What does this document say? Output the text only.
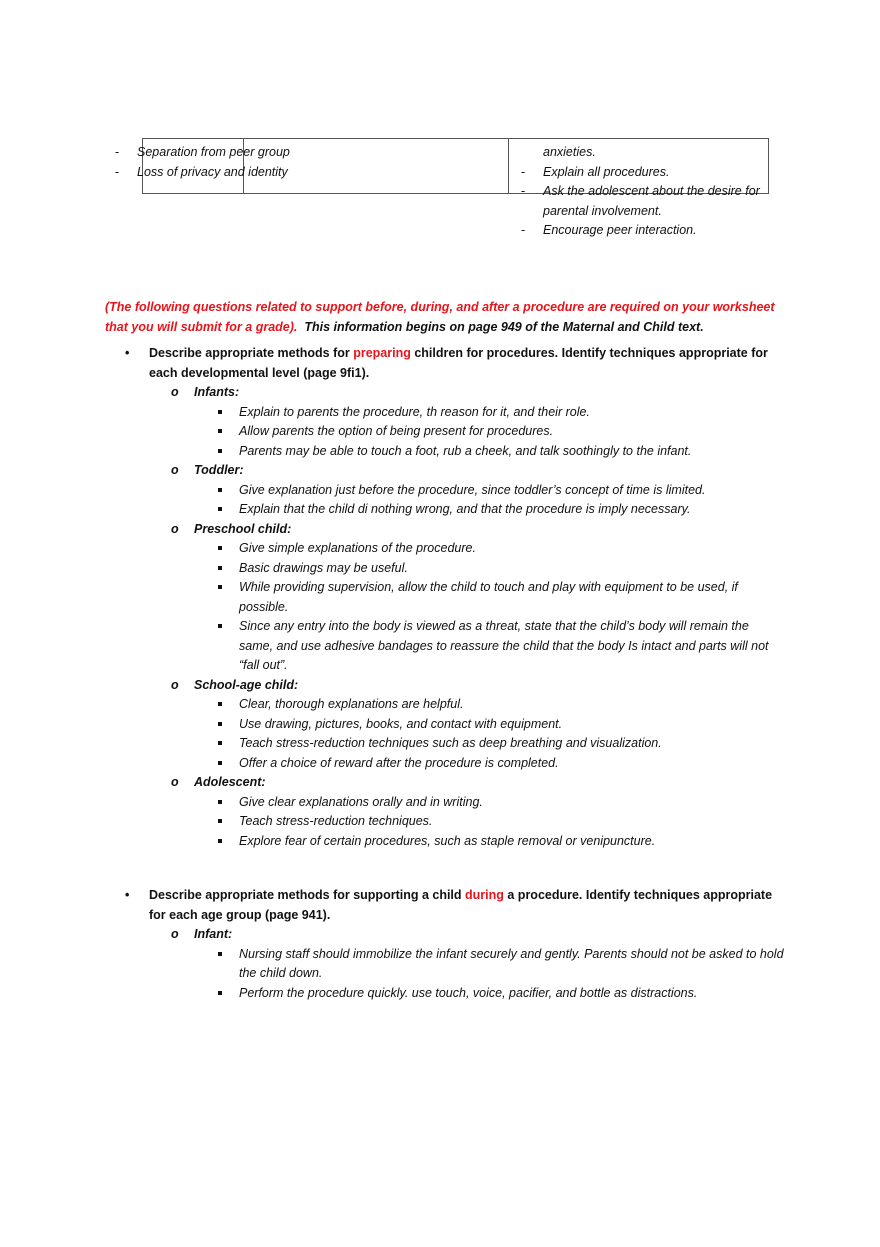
- Separation from peer group
- Loss of privacy and identity
anxieties.
- Explain all procedures.
- Ask the adolescent about the desire for
parental involvement.
- Encourage peer interaction.
(The following questions related to support before, during, and after a procedure are required on your worksheet that you will submit for a grade). This information begins on page 949 of the Maternal and Child text.
• Describe appropriate methods for preparing children for procedures. Identify techniques appropriate for each developmental level (page 9fi1).
o Infants:
Explain to parents the procedure, th reason for it, and their role.
Allow parents the option of being present for procedures.
Parents may be able to touch a foot, rub a cheek, and talk soothingly to the infant.
o Toddler:
Give explanation just before the procedure, since toddler’s concept of time is limited.
Explain that the child di nothing wrong, and that the procedure is imply necessary.
o Preschool child:
Give simple explanations of the procedure.
Basic drawings may be useful.
While providing supervision, allow the child to touch and play with equipment to be used, if possible.
Since any entry into the body is viewed as a threat, state that the child’s body will remain the same, and use adhesive bandages to reassure the child that the body Is intact and parts will not “fall out”.
o School-age child:
Clear, thorough explanations are helpful.
Use drawing, pictures, books, and contact with equipment.
Teach stress-reduction techniques such as deep breathing and visualization.
Offer a choice of reward after the procedure is completed.
o Adolescent:
Give clear explanations orally and in writing.
Teach stress-reduction techniques.
Explore fear of certain procedures, such as staple removal or venipuncture.
• Describe appropriate methods for supporting a child during a procedure. Identify techniques appropriate for each age group (page 941).
o Infant:
Nursing staff should immobilize the infant securely and gently. Parents should not be asked to hold the child down.
Perform the procedure quickly. use touch, voice, pacifier, and bottle as distractions.
